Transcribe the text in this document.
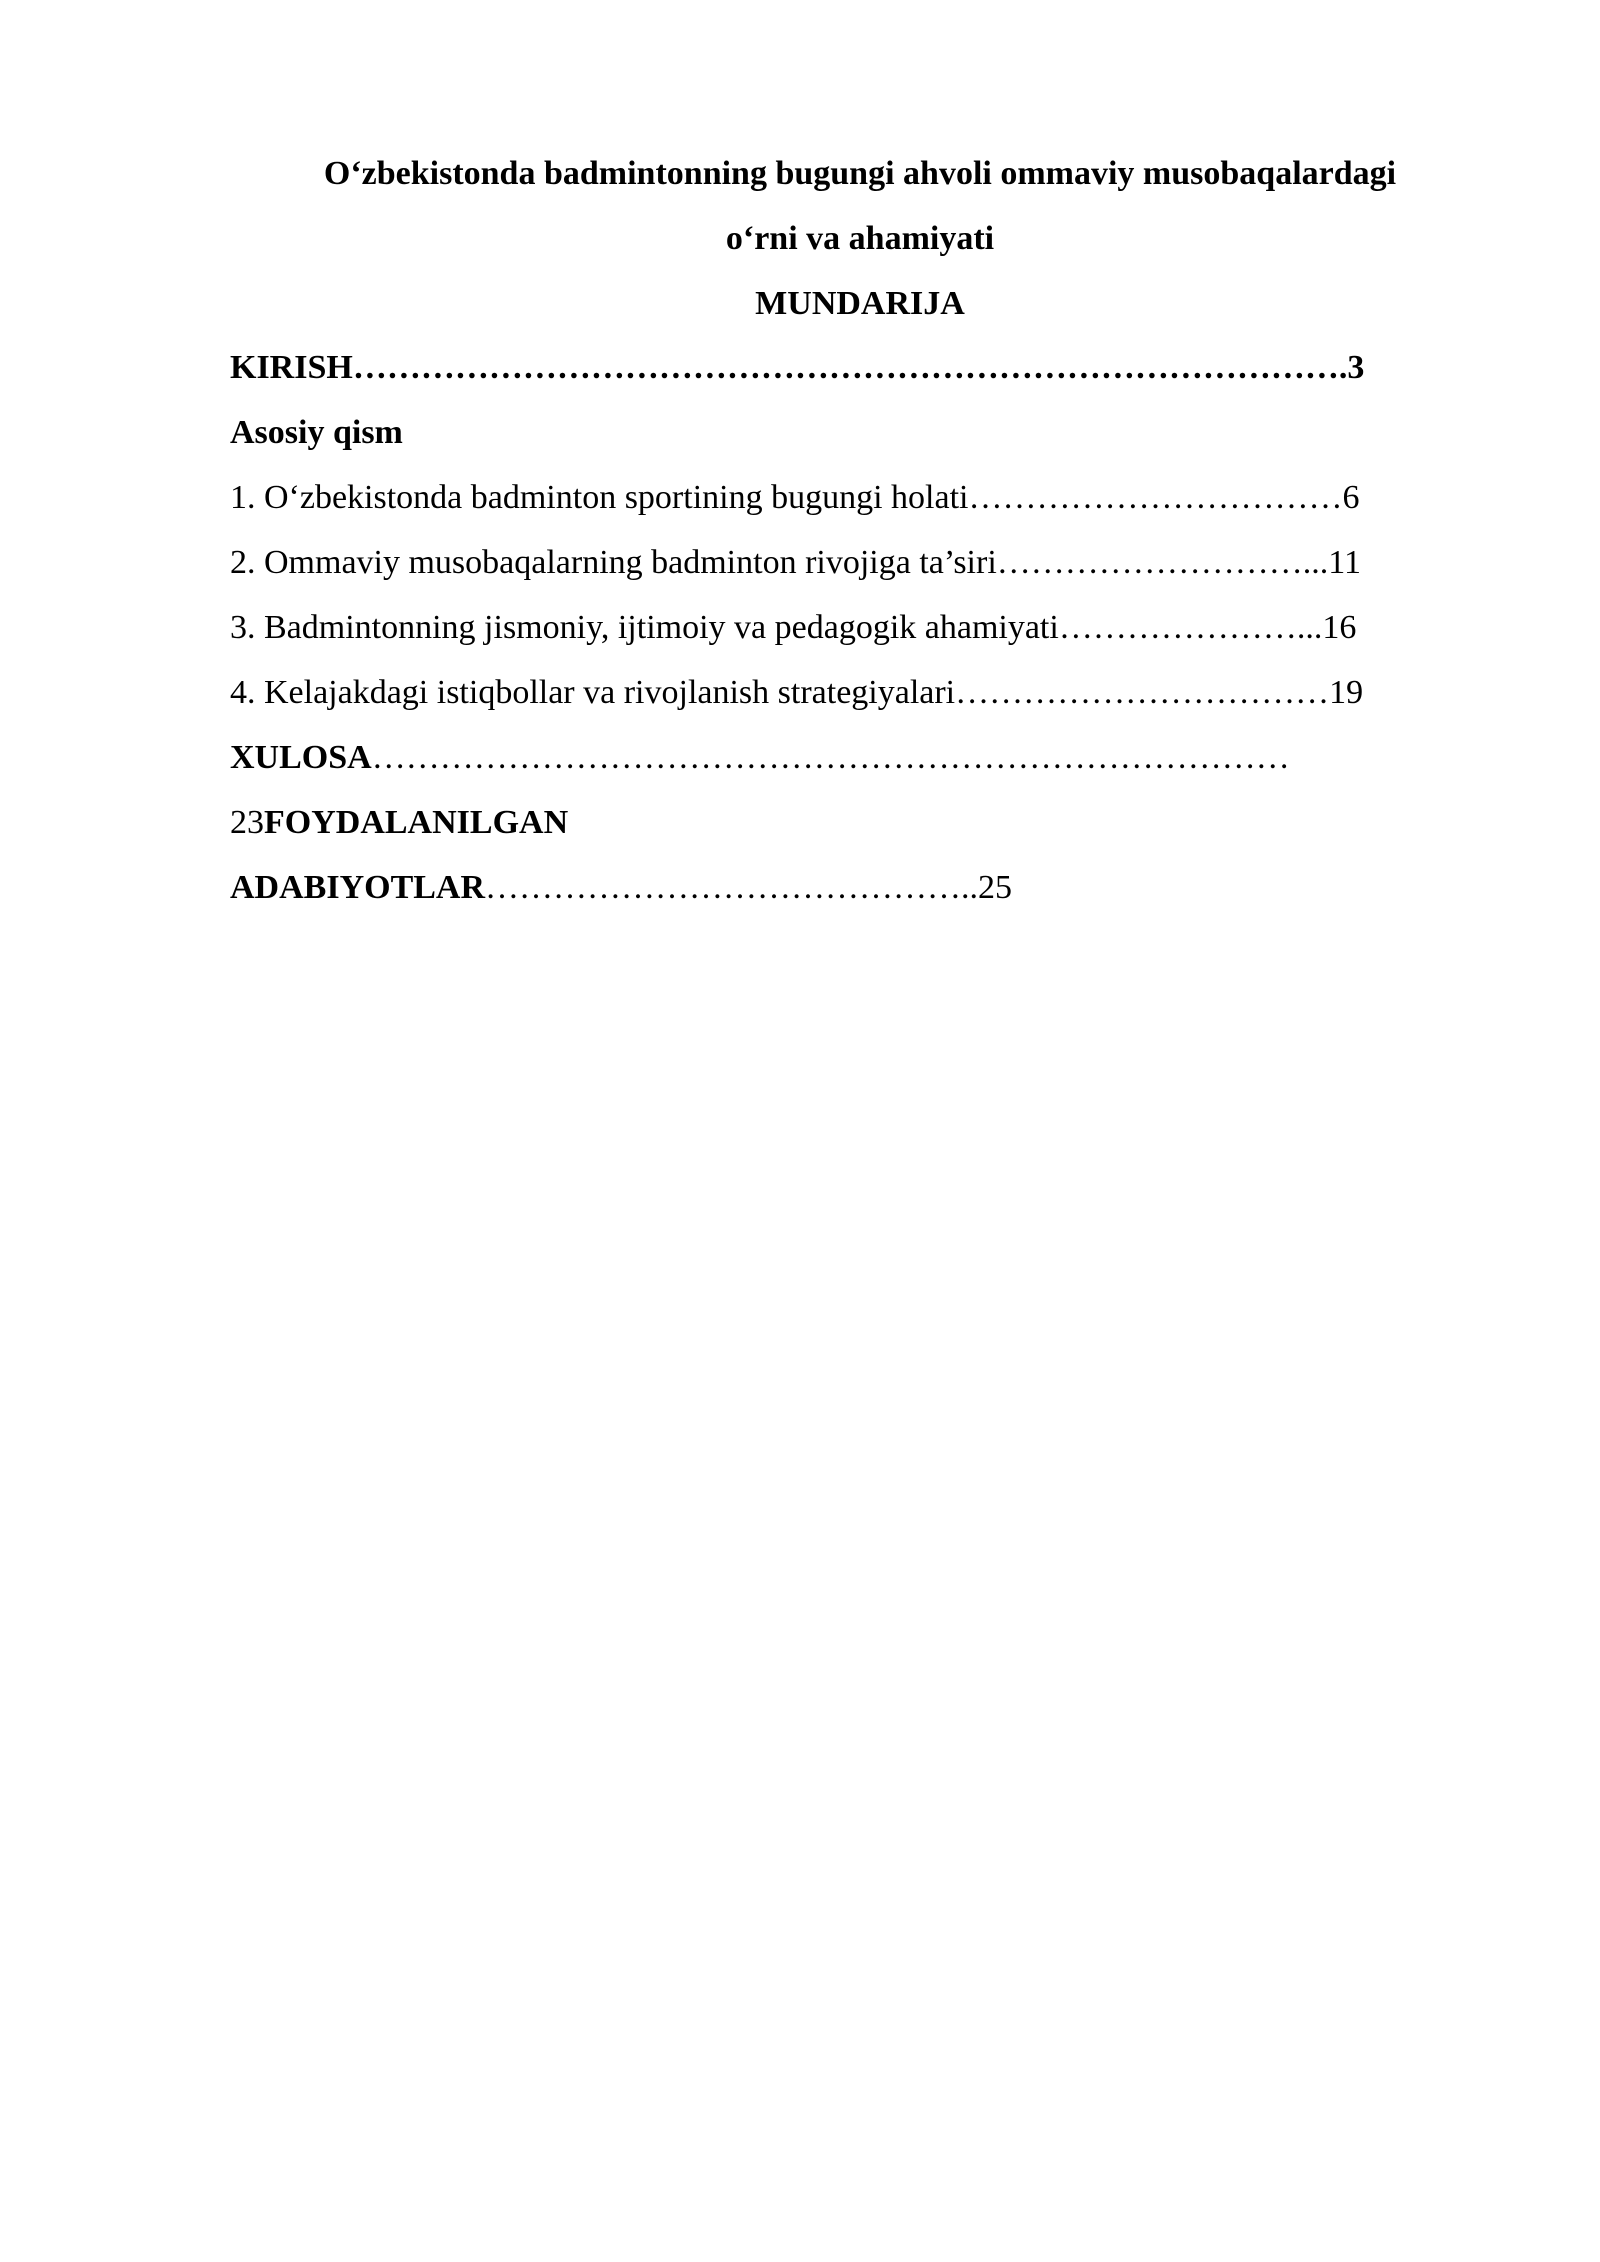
O‘zbekistonda badmintonning bugungi ahvoli ommaviy musobaqalardagi
o‘rni va ahamiyati
MUNDARIJA
KIRISH…………………………………………………………………………….3
Asosiy qism
1. O‘zbekistonda badminton sportining bugungi holati……………………………6
2. Ommaviy musobaqalarning badminton rivojiga ta’siri………………………...11
3. Badmintonning jismoniy, ijtimoiy va pedagogik ahamiyati…………………...16
4. Kelajakdagi istiqbollar va rivojlanish strategiyalari……………………………19
XULOSA………………………………………………………………………
23FOYDALANILGAN
ADABIYOTLAR……………………………………..25
